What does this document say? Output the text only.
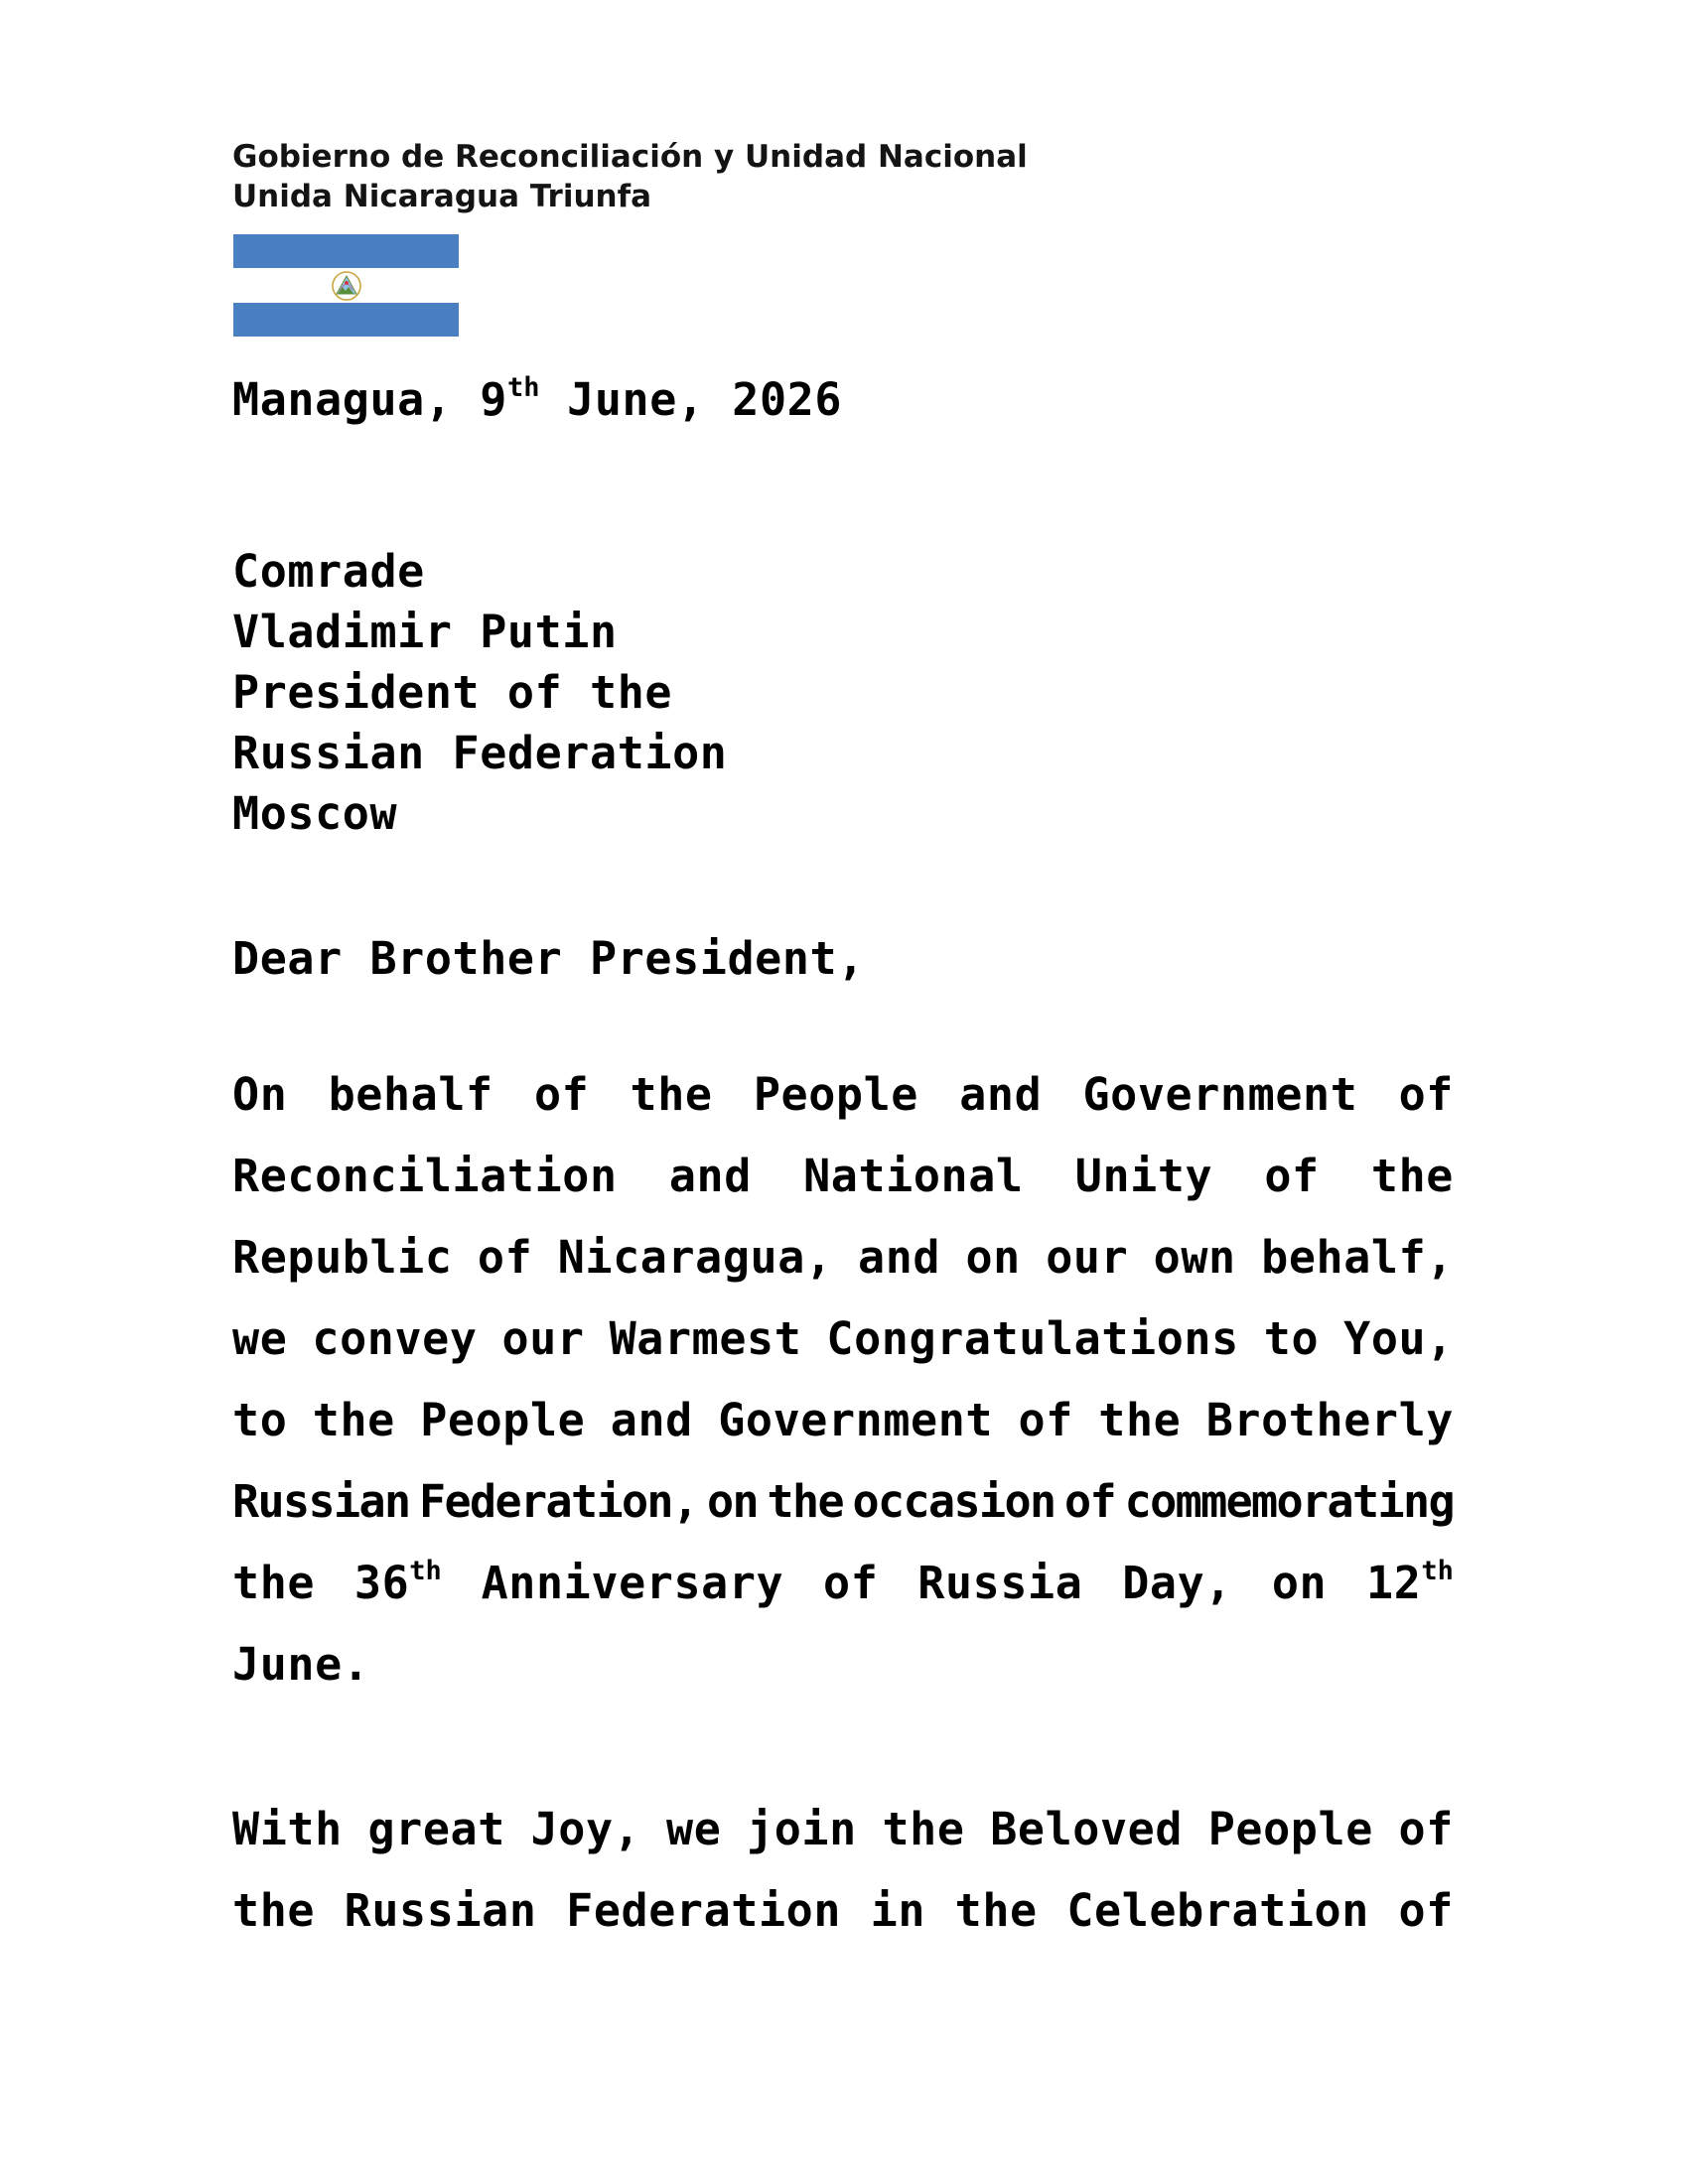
Gobierno de Reconciliación y Unidad Nacional
Unida Nicaragua Triunfa
Managua, 9th June, 2026
Comrade
Vladimir Putin
President of the
Russian Federation
Moscow
Dear Brother President,
On behalf of the People and Government of
Reconciliation and National Unity of the
Republic of Nicaragua, and on our own behalf,
we convey our Warmest Congratulations to You,
to the People and Government of the Brotherly
Russian Federation, on the occasion of commemorating
the 36th Anniversary of Russia Day, on 12th
June.
With great Joy, we join the Beloved People of
the Russian Federation in the Celebration of
